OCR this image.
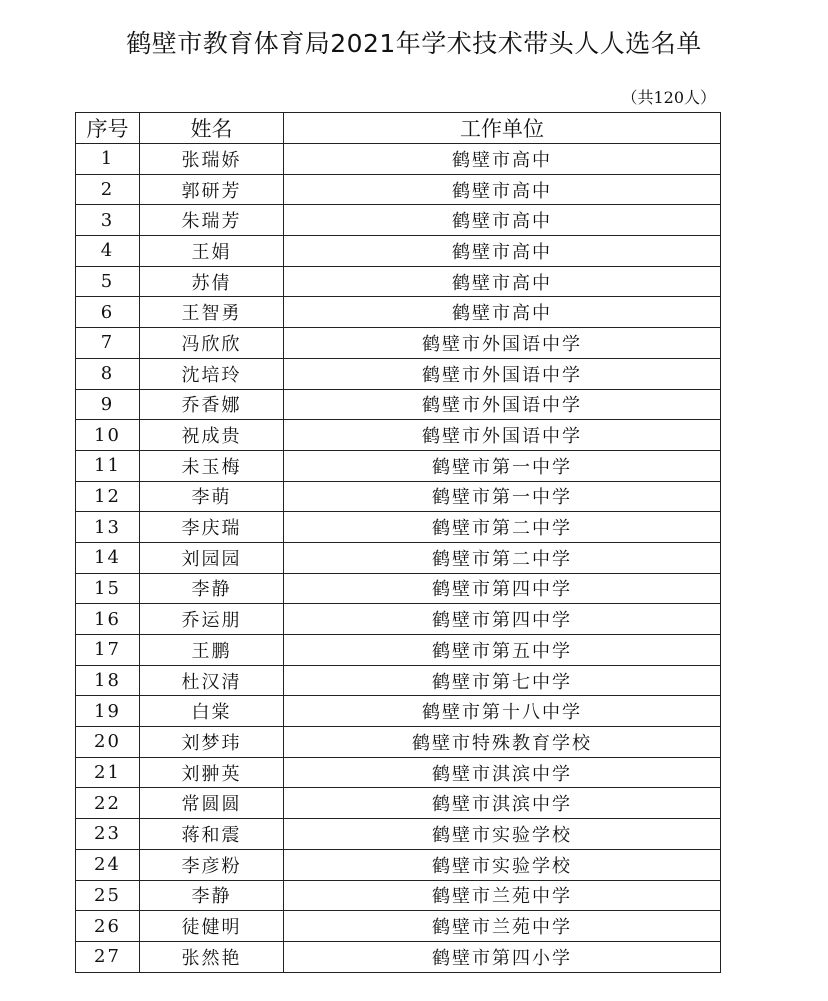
鹤壁市教育体育局2021年学术技术带头人人选名单
（共120人）
序号	姓名	工作单位
1	张瑞娇	鹤壁市高中
2	郭研芳	鹤壁市高中
3	朱瑞芳	鹤壁市高中
4	王娟	鹤壁市高中
5	苏倩	鹤壁市高中
6	王智勇	鹤壁市高中
7	冯欣欣	鹤壁市外国语中学
8	沈培玲	鹤壁市外国语中学
9	乔香娜	鹤壁市外国语中学
10	祝成贵	鹤壁市外国语中学
11	未玉梅	鹤壁市第一中学
12	李萌	鹤壁市第一中学
13	李庆瑞	鹤壁市第二中学
14	刘园园	鹤壁市第二中学
15	李静	鹤壁市第四中学
16	乔运朋	鹤壁市第四中学
17	王鹏	鹤壁市第五中学
18	杜汉清	鹤壁市第七中学
19	白棠	鹤壁市第十八中学
20	刘梦玮	鹤壁市特殊教育学校
21	刘翀英	鹤壁市淇滨中学
22	常圆圆	鹤壁市淇滨中学
23	蒋和震	鹤壁市实验学校
24	李彦粉	鹤壁市实验学校
25	李静	鹤壁市兰苑中学
26	徒健明	鹤壁市兰苑中学
27	张然艳	鹤壁市第四小学
